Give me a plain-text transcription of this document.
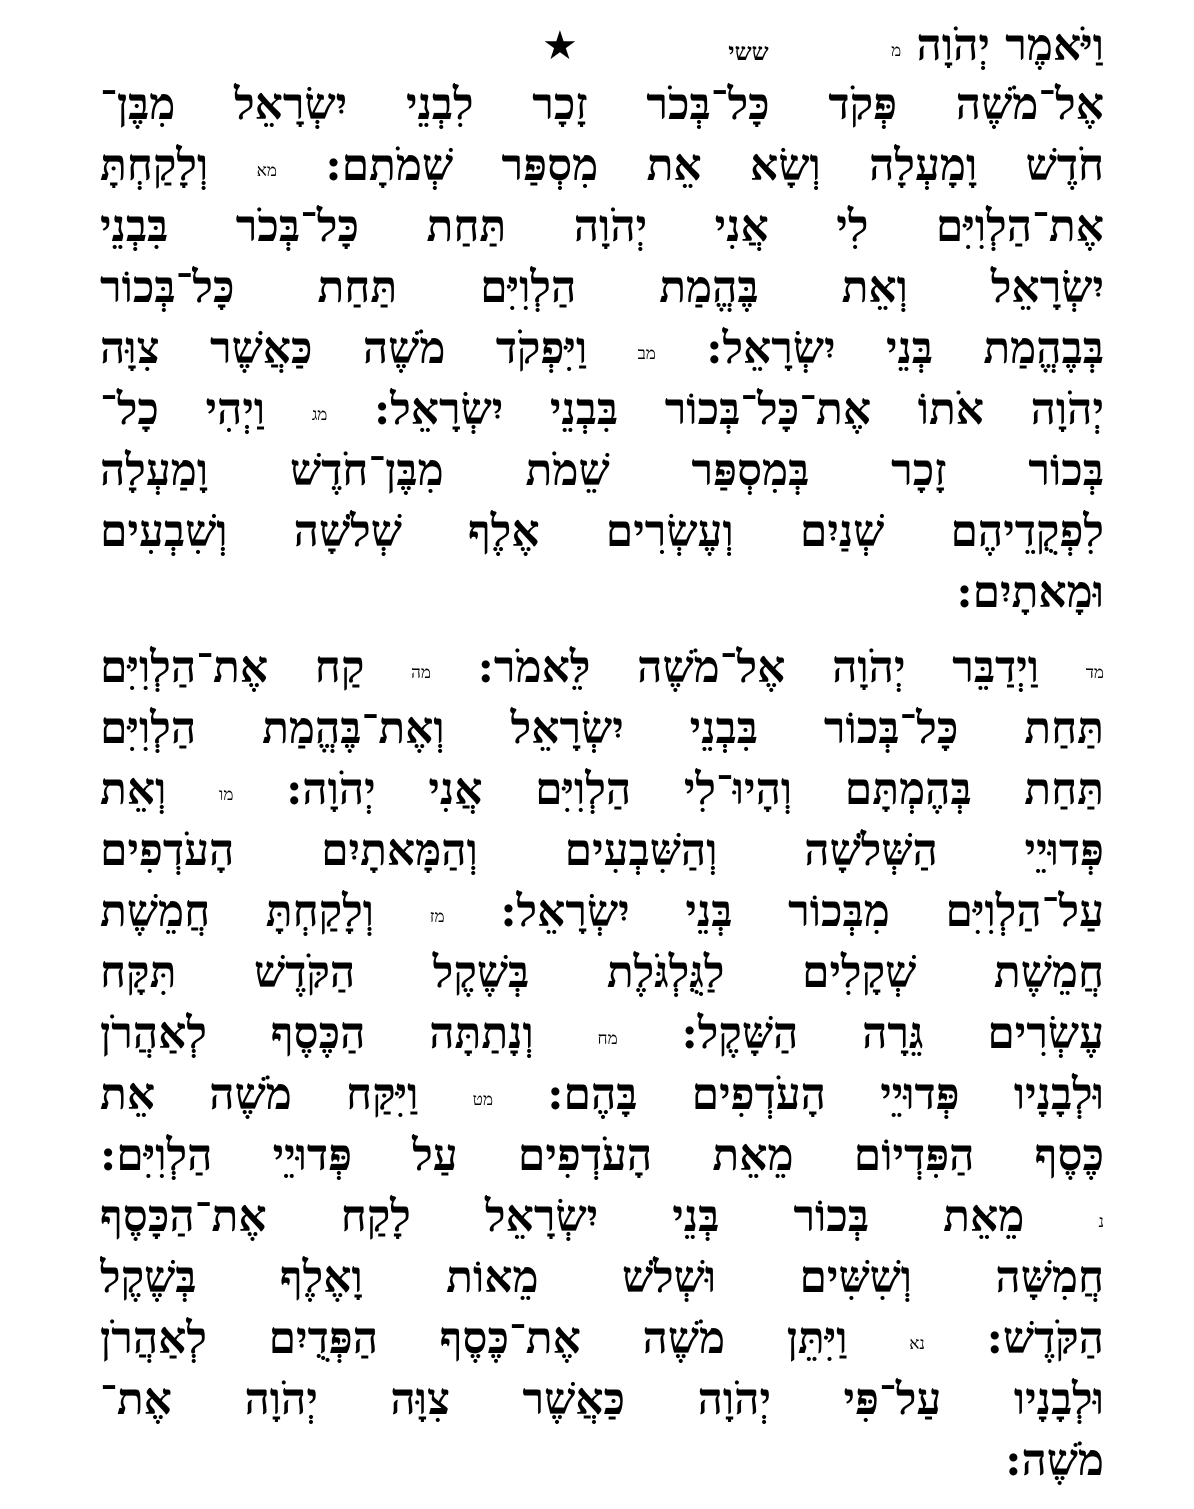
וַיֹּאמֶר יְהֹוָה מ        ששי
★
אֶל־מֹשֶׁה פְּקֹד כָּל־בְּכֹר זָכָר לִבְנֵי יִשְׂרָאֵל מִבֶּן־
חֹדֶשׁ וָמָעְלָה וְשָׂא אֵת מִסְפַּר שְׁמֹתָם: מא וְלָקַחְתָּ
אֶת־הַלְוִיִּם לִי אֲנִי יְהֹוָה תַּחַת כָּל־בְּכֹר בִּבְנֵי
יִשְׂרָאֵל וְאֵת בֶּהֱמַת הַלְוִיִּם תַּחַת כָּל־בְּכוֹר
בְּבֶהֱמַת בְּנֵי יִשְׂרָאֵל: מב וַיִּפְקֹד מֹשֶׁה כַּאֲשֶׁר צִוָּה
יְהֹוָה אֹתוֹ אֶת־כָּל־בְּכוֹר בִּבְנֵי יִשְׂרָאֵל: מג וַיְהִי כָל־
בְּכוֹר זָכָר בְּמִסְפַּר שֵׁמֹת מִבֶּן־חֹדֶשׁ וָמַעְלָה
לִפְקֻדֵיהֶם שְׁנַיִם וְעֶשְׂרִים אֶלֶף שְׁלֹשָׁה וְשִׁבְעִים
וּמָאתָיִם:
מד וַיְדַבֵּר יְהֹוָה אֶל־מֹשֶׁה לֵּאמֹר: מה קַח אֶת־הַלְוִיִּם
תַּחַת כָּל־בְּכוֹר בִּבְנֵי יִשְׂרָאֵל וְאֶת־בֶּהֱמַת הַלְוִיִּם
תַּחַת בְּהֶמְתָּם וְהָיוּ־לִי הַלְוִיִּם אֲנִי יְהֹוָה: מו וְאֵת
פְּדוּיֵי הַשְּׁלֹשָׁה וְהַשִּׁבְעִים וְהַמָּאתָיִם הָעֹדְפִים
עַל־הַלְוִיִּם מִבְּכוֹר בְּנֵי יִשְׂרָאֵל: מז וְלָקַחְתָּ חֲמֵשֶׁת
חֲמֵשֶׁת שְׁקָלִים לַגֻּלְגֹּלֶת בְּשֶׁקֶל הַקֹּדֶשׁ תִּקָּח
עֶשְׂרִים גֵּרָה הַשָּׁקֶל: מח וְנָתַתָּה הַכֶּסֶף לְאַהֲרֹן
וּלְבָנָיו פְּדוּיֵי הָעֹדְפִים בָּהֶם: מט וַיִּקַּח מֹשֶׁה אֵת
כֶּסֶף הַפִּדְיוֹם מֵאֵת הָעֹדְפִים עַל פְּדוּיֵי הַלְוִיִּם:
נ מֵאֵת בְּכוֹר בְּנֵי יִשְׂרָאֵל לָקַח אֶת־הַכָּסֶף
חֲמִשָּׁה וְשִׁשִּׁים וּשְׁלֹשׁ מֵאוֹת וָאֶלֶף בְּשֶׁקֶל
הַקֹּדֶשׁ: נא וַיִּתֵּן מֹשֶׁה אֶת־כֶּסֶף הַפְּדֻיִם לְאַהֲרֹן
וּלְבָנָיו עַל־פִּי יְהֹוָה כַּאֲשֶׁר צִוָּה יְהֹוָה אֶת־
מֹשֶׁה:
